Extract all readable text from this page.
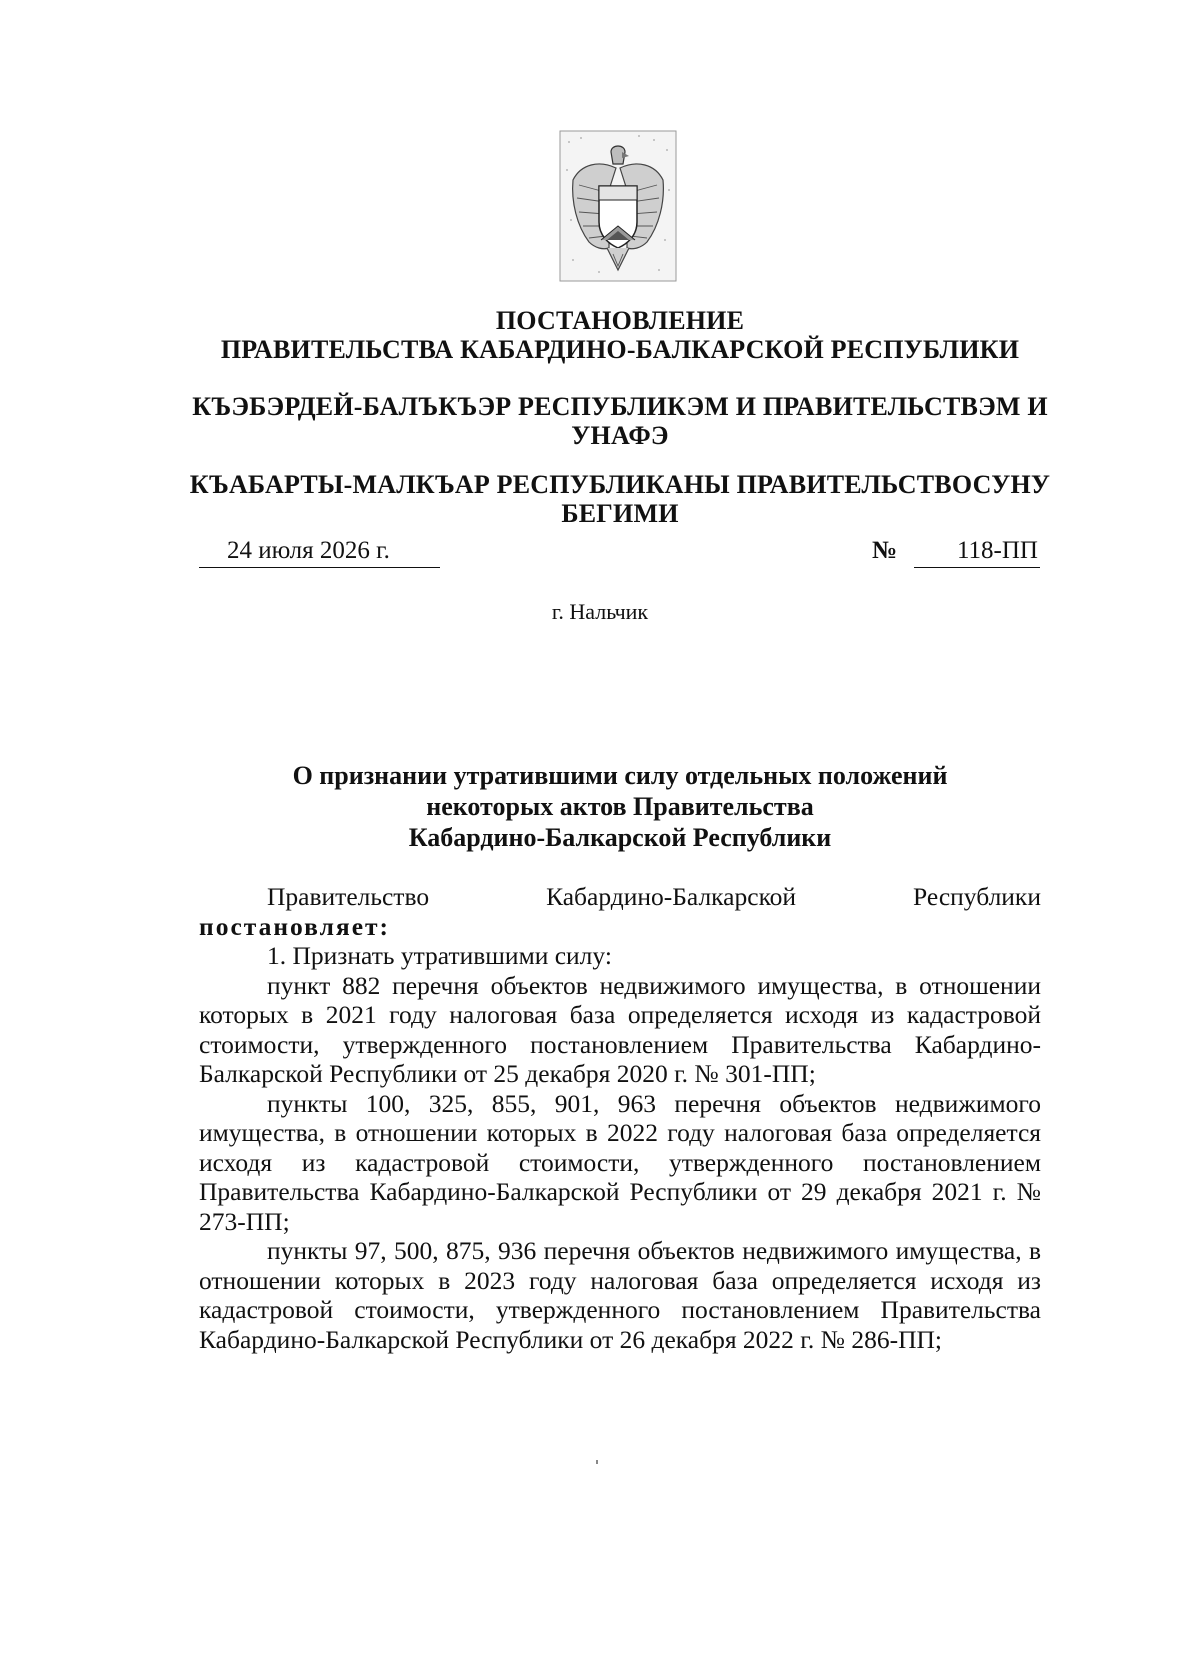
ПОСТАНОВЛЕНИЕ
ПРАВИТЕЛЬСТВА КАБАРДИНО-БАЛКАРСКОЙ РЕСПУБЛИКИ
КЪЭБЭРДЕЙ-БАЛЪКЪЭР РЕСПУБЛИКЭМ И ПРАВИТЕЛЬСТВЭМ И
УНАФЭ
КЪАБАРТЫ-МАЛКЪАР РЕСПУБЛИКАНЫ ПРАВИТЕЛЬСТВОСУНУ
БЕГИМИ
24 июля 2026 г.	№	118-ПП
г. Нальчик
О признании утратившими силу отдельных положений
некоторых актов Правительства
Кабардино-Балкарской Республики
Правительство	Кабардино-Балкарской	Республики
постановляет:

1. Признать утратившими силу:

пункт 882 перечня объектов недвижимого имущества, в отношении которых в 2021 году налоговая база определяется исходя из кадастровой стоимости, утвержденного постановлением Правительства Кабардино-Балкарской Республики от 25 декабря 2020 г. № 301-ПП;

пункты 100, 325, 855, 901, 963 перечня объектов недвижимого имущества, в отношении которых в 2022 году налоговая база определяется исходя из кадастровой стоимости, утвержденного постановлением Правительства Кабардино-Балкарской Республики от 29 декабря 2021 г. № 273-ПП;

пункты 97, 500, 875, 936 перечня объектов недвижимого имущества, в отношении которых в 2023 году налоговая база определяется исходя из кадастровой стоимости, утвержденного постановлением Правительства Кабардино-Балкарской Республики от 26 декабря 2022 г. № 286-ПП;
